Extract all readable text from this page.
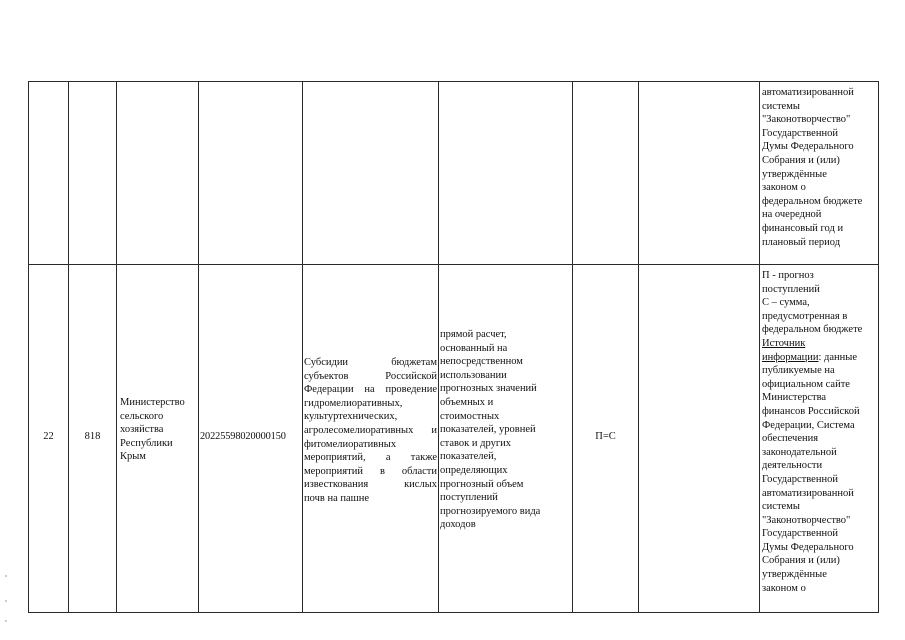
автоматизированной
системы
"Законотворчество"
Государственной
Думы Федерального
Собрания и (или)
утверждённые
законом о
федеральном бюджете
на очередной
финансовый год и
плановый период
22	818
Министерство
сельского
хозяйства
Республики
Крым
20225598020000150
Субсидии бюджетам
субъектов Российской
Федерации на проведение
гидромелиоративных,
культуртехнических,
агролесомелиоративных и
фитомелиоративных
мероприятий, а также
мероприятий в области
известкования кислых
почв на пашне
прямой расчет,
основанный на
непосредственном
использовании
прогнозных значений
объемных и
стоимостных
показателей, уровней
ставок и других
показателей,
определяющих
прогнозный объем
поступлений
прогнозируемого вида
доходов
П=С
П - прогноз
поступлений
С – сумма,
предусмотренная в
федеральном бюджете
Источник
информации: данные
публикуемые на
официальном сайте
Министерства
финансов Российской
Федерации, Система
обеспечения
законодательной
деятельности
Государственной
автоматизированной
системы
"Законотворчество"
Государственной
Думы Федерального
Собрания и (или)
утверждённые
законом о
